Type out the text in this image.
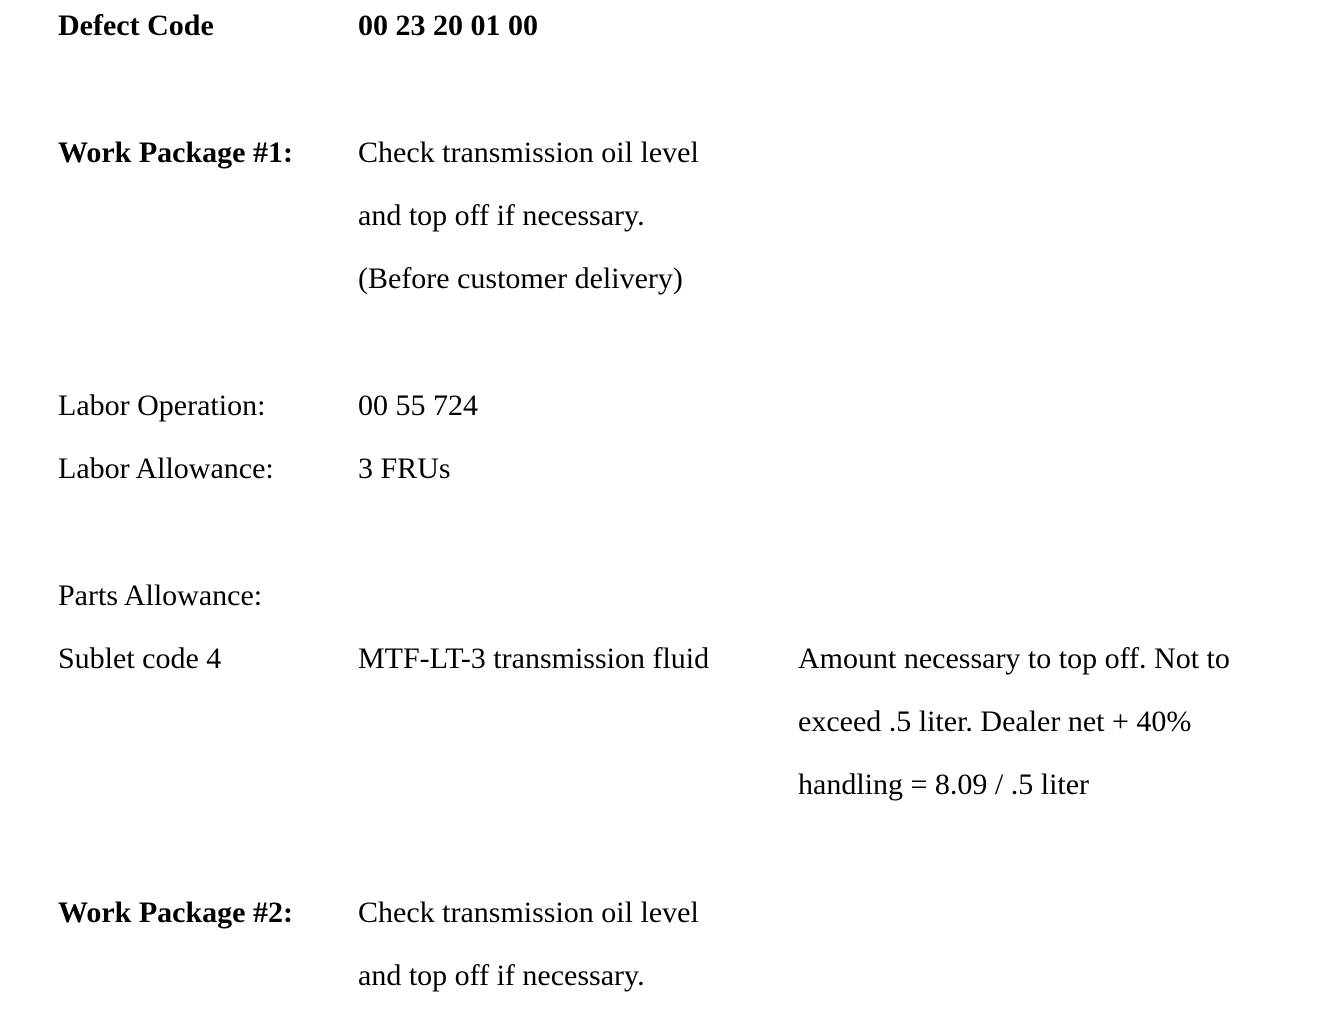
Defect Code	00 23 20 01 00
Work Package #1: Check transmission oil level
and top off if necessary.
(Before customer delivery)
Labor Operation:	00 55 724
Labor Allowance:	3 FRUs
Parts Allowance:
Sublet code 4	MTF-LT-3 transmission fluid	Amount necessary to top off. Not to
exceed .5 liter. Dealer net + 40%
handling = 8.09 / .5 liter
Work Package #2: Check transmission oil level
and top off if necessary.
